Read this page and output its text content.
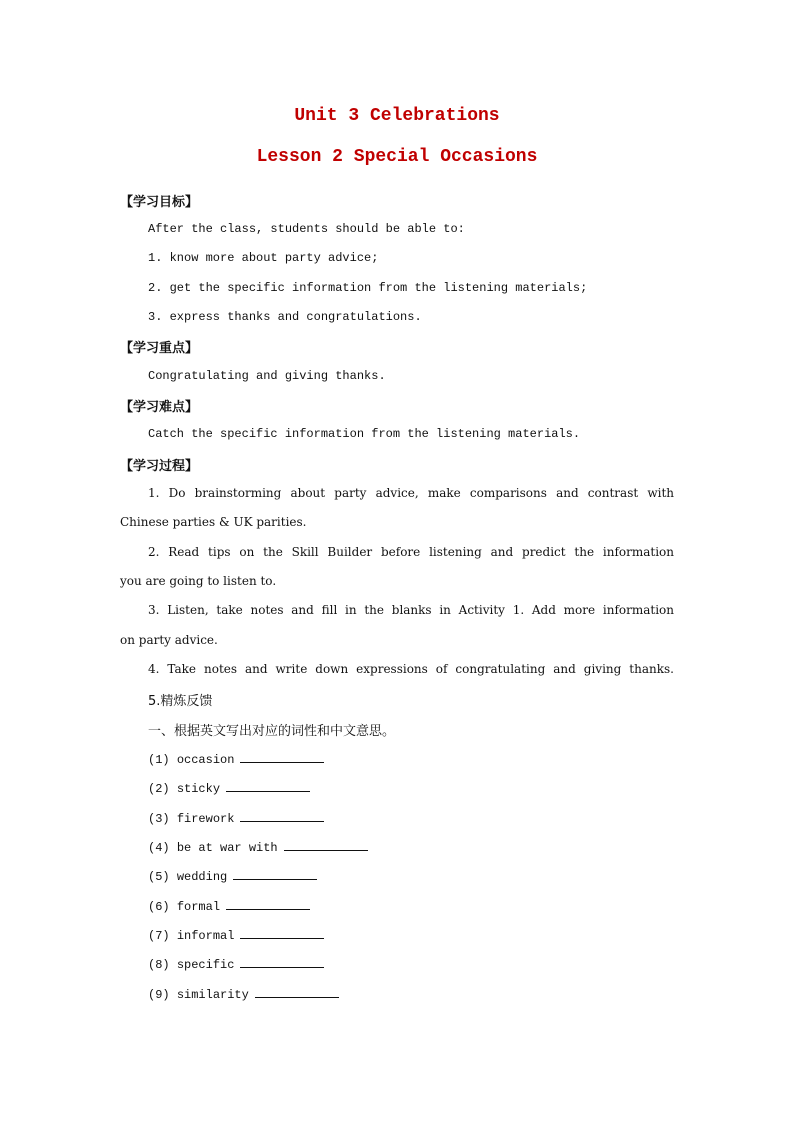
Unit 3 Celebrations
Lesson 2 Special Occasions
【学习目标】
After the class, students should be able to:
1. know more about party advice;
2. get the specific information from the listening materials;
3. express thanks and congratulations.
【学习重点】
Congratulating and giving thanks.
【学习难点】
Catch the specific information from the listening materials.
【学习过程】
1. Do brainstorming about party advice, make comparisons and contrast with
Chinese parties & UK parities.
2. Read tips on the Skill Builder before listening and predict the information
you are going to listen to.
3. Listen, take notes and fill in the blanks in Activity 1. Add more information
on party advice.
4. Take notes and write down expressions of congratulating and giving thanks.
5.精炼反馈
一、根据英文写出对应的词性和中文意思。
(1) occasion
(2) sticky
(3) firework
(4) be at war with
(5) wedding
(6) formal
(7) informal
(8) specific
(9) similarity
